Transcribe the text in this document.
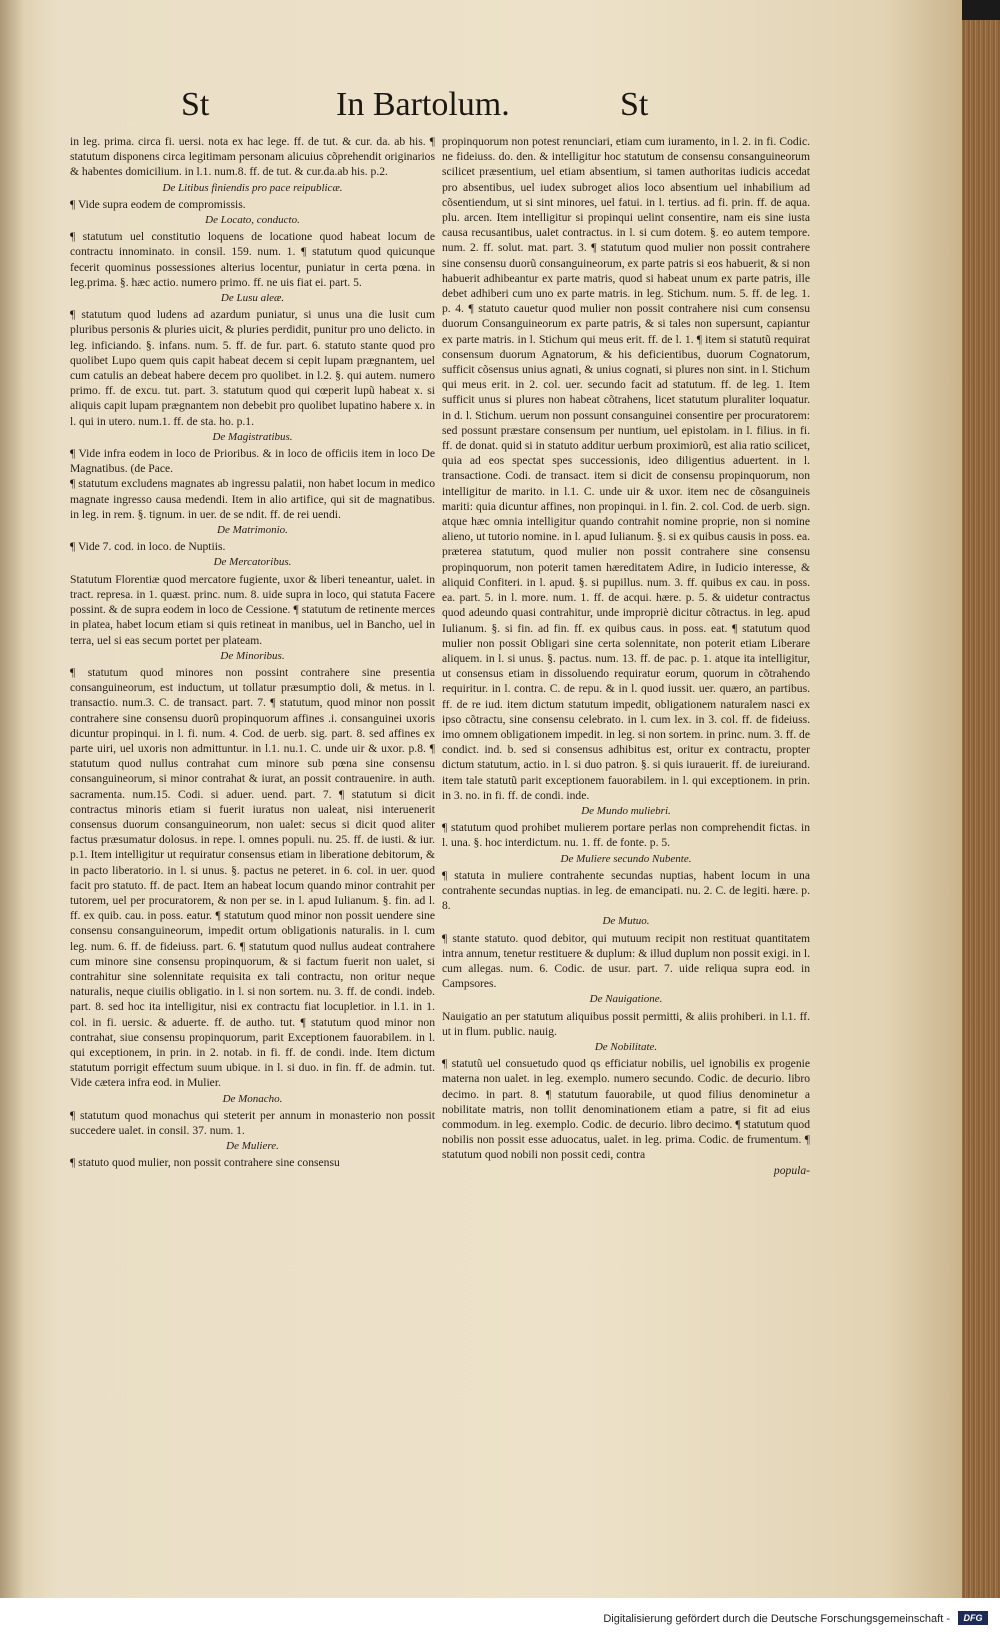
St	In Bartolum.	St

in leg. prima. circa fi. uersi. nota ex hac lege. ff. de tut. & cur. da. ab his. ¶ statutum disponens circa legitimam personam alicuius cõprehendit originarios & habentes domicilium. in l.1. num.8. ff. de tut. & cur.da.ab his. p.2.

De Litibus finiendis pro pace reipublicæ.

¶ Vide supra eodem de compromissis.

De Locato, conducto.

¶ statutum uel constitutio loquens de locatione quod habeat locum de contractu innominato. in consil. 159. num. 1. ¶ statutum quod quicunque fecerit quominus possessiones alterius locentur, puniatur in certa pœna. in leg.prima. §. hæc actio. numero primo. ff. ne uis fiat ei. part. 5.

De Lusu aleæ.

¶ statutum quod ludens ad azardum puniatur, si unus una die lusit cum pluribus personis & pluries uicit, & pluries perdidit, punitur pro uno delicto. in leg. inficiando. §. infans. num. 5. ff. de fur. part. 6. statuto stante quod pro quolibet Lupo quem quis capit habeat decem si cepit lupam prægnantem, uel cum catulis an debeat habere decem pro quolibet. in l.2. §. qui autem. numero primo. ff. de excu. tut. part. 3. statutum quod qui cœperit lupũ habeat x. si aliquis capit lupam prægnantem non debebit pro quolibet lupatino habere x. in l. qui in utero. num.1. ff. de sta. ho. p.1.

De Magistratibus.

¶ Vide infra eodem in loco de Prioribus. & in loco de officiis item in loco De Magnatibus. (de Pace.

¶ statutum excludens magnates ab ingressu palatii, non habet locum in medico magnate ingresso causa medendi. Item in alio artifice, qui sit de magnatibus. in leg. in rem. §. tignum. in uer. de se ndit. ff. de rei uendi.

De Matrimonio.

¶ Vide 7. cod. in loco. de Nuptiis.

De Mercatoribus.

Statutum Florentiæ quod mercatore fugiente, uxor & liberi teneantur, ualet. in tract. represa. in 1. quæst. princ. num. 8. uide supra in loco, qui statuta Facere possint. & de supra eodem in loco de Cessione. ¶ statutum de retinente merces in platea, habet locum etiam si quis retineat in manibus, uel in Bancho, uel in terra, uel si eas secum portet per plateam.

De Minoribus.

¶ statutum quod minores non possint contrahere sine presentia consanguineorum, est inductum, ut tollatur præsumptio doli, & metus. in l. transactio. num.3. C. de transact. part. 7. ¶ statutum, quod minor non possit contrahere sine consensu duorũ propinquorum affines .i. consanguinei uxoris dicuntur propinqui. in l. fi. num. 4. Cod. de uerb. sig. part. 8. sed affines ex parte uiri, uel uxoris non admittuntur. in l.1. nu.1. C. unde uir & uxor. p.8. ¶ statutum quod nullus contrahat cum minore sub pœna sine consensu consanguineorum, si minor contrahat & iurat, an possit contrauenire. in auth. sacramenta. num.15. Codi. si aduer. uend. part. 7. ¶ statutum si dicit contractus minoris etiam si fuerit iuratus non ualeat, nisi interuenerit consensus duorum consanguineorum, non ualet: secus si dicit quod aliter factus præsumatur dolosus. in repe. l. omnes populi. nu. 25. ff. de iusti. & iur. p.1. Item intelligitur ut requiratur consensus etiam in liberatione debitorum, & in pacto liberatorio. in l. si unus. §. pactus ne peteret. in 6. col. in uer. quod facit pro statuto. ff. de pact. Item an habeat locum quando minor contrahit per tutorem, uel per procuratorem, & non per se. in l. apud Iulianum. §. fin. ad l. ff. ex quib. cau. in poss. eatur. ¶ statutum quod minor non possit uendere sine consensu consanguineorum, impedit ortum obligationis naturalis. in l. cum leg. num. 6. ff. de fideiuss. part. 6. ¶ statutum quod nullus audeat contrahere cum minore sine consensu propinquorum, & si factum fuerit non ualet, si contrahitur sine solennitate requisita ex tali contractu, non oritur neque naturalis, neque ciuilis obligatio. in l. si non sortem. nu. 3. ff. de condi. indeb. part. 8. sed hoc ita intelligitur, nisi ex contractu fiat locupletior. in l.1. in 1. col. in fi. uersic. & aduerte. ff. de autho. tut. ¶ statutum quod minor non contrahat, siue consensu propinquorum, parit Exceptionem fauorabilem. in l. qui exceptionem, in prin. in 2. notab. in fi. ff. de condi. inde. Item dictum statutum porrigit effectum suum ubique. in l. si duo. in fin. ff. de admin. tut. Vide cætera infra eod. in Mulier.

De Monacho.

¶ statutum quod monachus qui steterit per annum in monasterio non possit succedere ualet. in consil. 37. num. 1.

De Muliere.

¶ statuto quod mulier, non possit contrahere sine consensu

propinquorum non potest renunciari, etiam cum iuramento, in l. 2. in fi. Codic. ne fideiuss. do. den. & intelligitur hoc statutum de consensu consanguineorum scilicet præsentium, uel etiam absentium, si tamen authoritas iudicis accedat pro absentibus, uel iudex subroget alios loco absentium uel inhabilium ad cõsentiendum, ut si sint minores, uel fatui. in l. tertius. ad fi. prin. ff. de aqua. plu. arcen. Item intelligitur si propinqui uelint consentire, nam eis sine iusta causa recusantibus, ualet contractus. in l. si cum dotem. §. eo autem tempore. num. 2. ff. solut. mat. part. 3. ¶ statutum quod mulier non possit contrahere sine consensu duorũ consanguineorum, ex parte patris si eos habuerit, & si non habuerit adhibeantur ex parte matris, quod si habeat unum ex parte patris, ille debet adhiberi cum uno ex parte matris. in leg. Stichum. num. 5. ff. de leg. 1. p. 4. ¶ statuto cauetur quod mulier non possit contrahere nisi cum consensu duorum Consanguineorum ex parte patris, & si tales non supersunt, capiantur ex parte matris. in l. Stichum qui meus erit. ff. de l. 1. ¶ item si statutũ requirat consensum duorum Agnatorum, & his deficientibus, duorum Cognatorum, sufficit cõsensus unius agnati, & unius cognati, si plures non sint. in l. Stichum qui meus erit. in 2. col. uer. secundo facit ad statutum. ff. de leg. 1. Item sufficit unus si plures non habeat cõtrahens, licet statutum pluraliter loquatur. in d. l. Stichum. uerum non possunt consanguinei consentire per procuratorem: sed possunt præstare consensum per nuntium, uel epistolam. in l. filius. in fi. ff. de donat. quid si in statuto additur uerbum proximiorũ, est alia ratio scilicet, quia ad eos spectat spes successionis, ideo diligentius aduertent. in l. transactione. Codi. de transact. item si dicit de consensu propinquorum, non intelligitur de marito. in l.1. C. unde uir & uxor. item nec de cõsanguineis mariti: quia dicuntur affines, non propinqui. in l. fin. 2. col. Cod. de uerb. sign. atque hæc omnia intelligitur quando contrahit nomine proprie, non si nomine alieno, ut tutorio nomine. in l. apud Iulianum. §. si ex quibus causis in poss. ea. præterea statutum, quod mulier non possit contrahere sine consensu propinquorum, non poterit tamen hæreditatem Adire, in Iudicio interesse, & aliquid Confiteri. in l. apud. §. si pupillus. num. 3. ff. quibus ex cau. in poss. ea. part. 5. in l. more. num. 1. ff. de acqui. hære. p. 5. & uidetur contractus quod adeundo quasi contrahitur, unde impropriè dicitur cõtractus. in leg. apud Iulianum. §. si fin. ad fin. ff. ex quibus caus. in poss. eat. ¶ statutum quod mulier non possit Obligari sine certa solennitate, non poterit etiam Liberare aliquem. in l. si unus. §. pactus. num. 13. ff. de pac. p. 1. atque ita intelligitur, ut consensus etiam in dissoluendo requiratur eorum, quorum in cõtrahendo requiritur. in l. contra. C. de repu. & in l. quod iussit. uer. quæro, an partibus. ff. de re iud. item dictum statutum impedit, obligationem naturalem nasci ex ipso cõtractu, sine consensu celebrato. in l. cum lex. in 3. col. ff. de fideiuss. imo omnem obligationem impedit. in leg. si non sortem. in princ. num. 3. ff. de condict. ind. b. sed si consensus adhibitus est, oritur ex contractu, propter dictum statutum, actio. in l. si duo patron. §. si quis iurauerit. ff. de iureiurand. item tale statutũ parit exceptionem fauorabilem. in l. qui exceptionem. in prin. in 3. no. in fi. ff. de condi. inde.

De Mundo muliebri.

¶ statutum quod prohibet mulierem portare perlas non comprehendit fictas. in l. una. §. hoc interdictum. nu. 1. ff. de fonte. p. 5.

De Muliere secundo Nubente.

¶ statuta in muliere contrahente secundas nuptias, habent locum in una contrahente secundas nuptias. in leg. de emancipati. nu. 2. C. de legiti. hære. p. 8.

De Mutuo.

¶ stante statuto. quod debitor, qui mutuum recipit non restituat quantitatem intra annum, tenetur restituere & duplum: & illud duplum non possit exigi. in l. cum allegas. num. 6. Codic. de usur. part. 7. uide reliqua supra eod. in Campsores.

De Nauigatione.

Nauigatio an per statutum aliquibus possit permitti, & aliis prohiberi. in l.1. ff. ut in flum. public. nauig.

De Nobilitate.

¶ statutũ uel consuetudo quod qs efficiatur nobilis, uel ignobilis ex progenie materna non ualet. in leg. exemplo. numero secundo. Codic. de decurio. libro decimo. in part. 8. ¶ statutum fauorabile, ut quod filius denominetur a nobilitate matris, non tollit denominationem etiam a patre, si fit ad eius commodum. in leg. exemplo. Codic. de decurio. libro decimo. ¶ statutum quod nobilis non possit esse aduocatus, ualet. in leg. prima. Codic. de frumentum. ¶ statutum quod nobili non possit cedi, contra

popula-

Digitalisierung gefördert durch die Deutsche Forschungsgemeinschaft -	DFG
